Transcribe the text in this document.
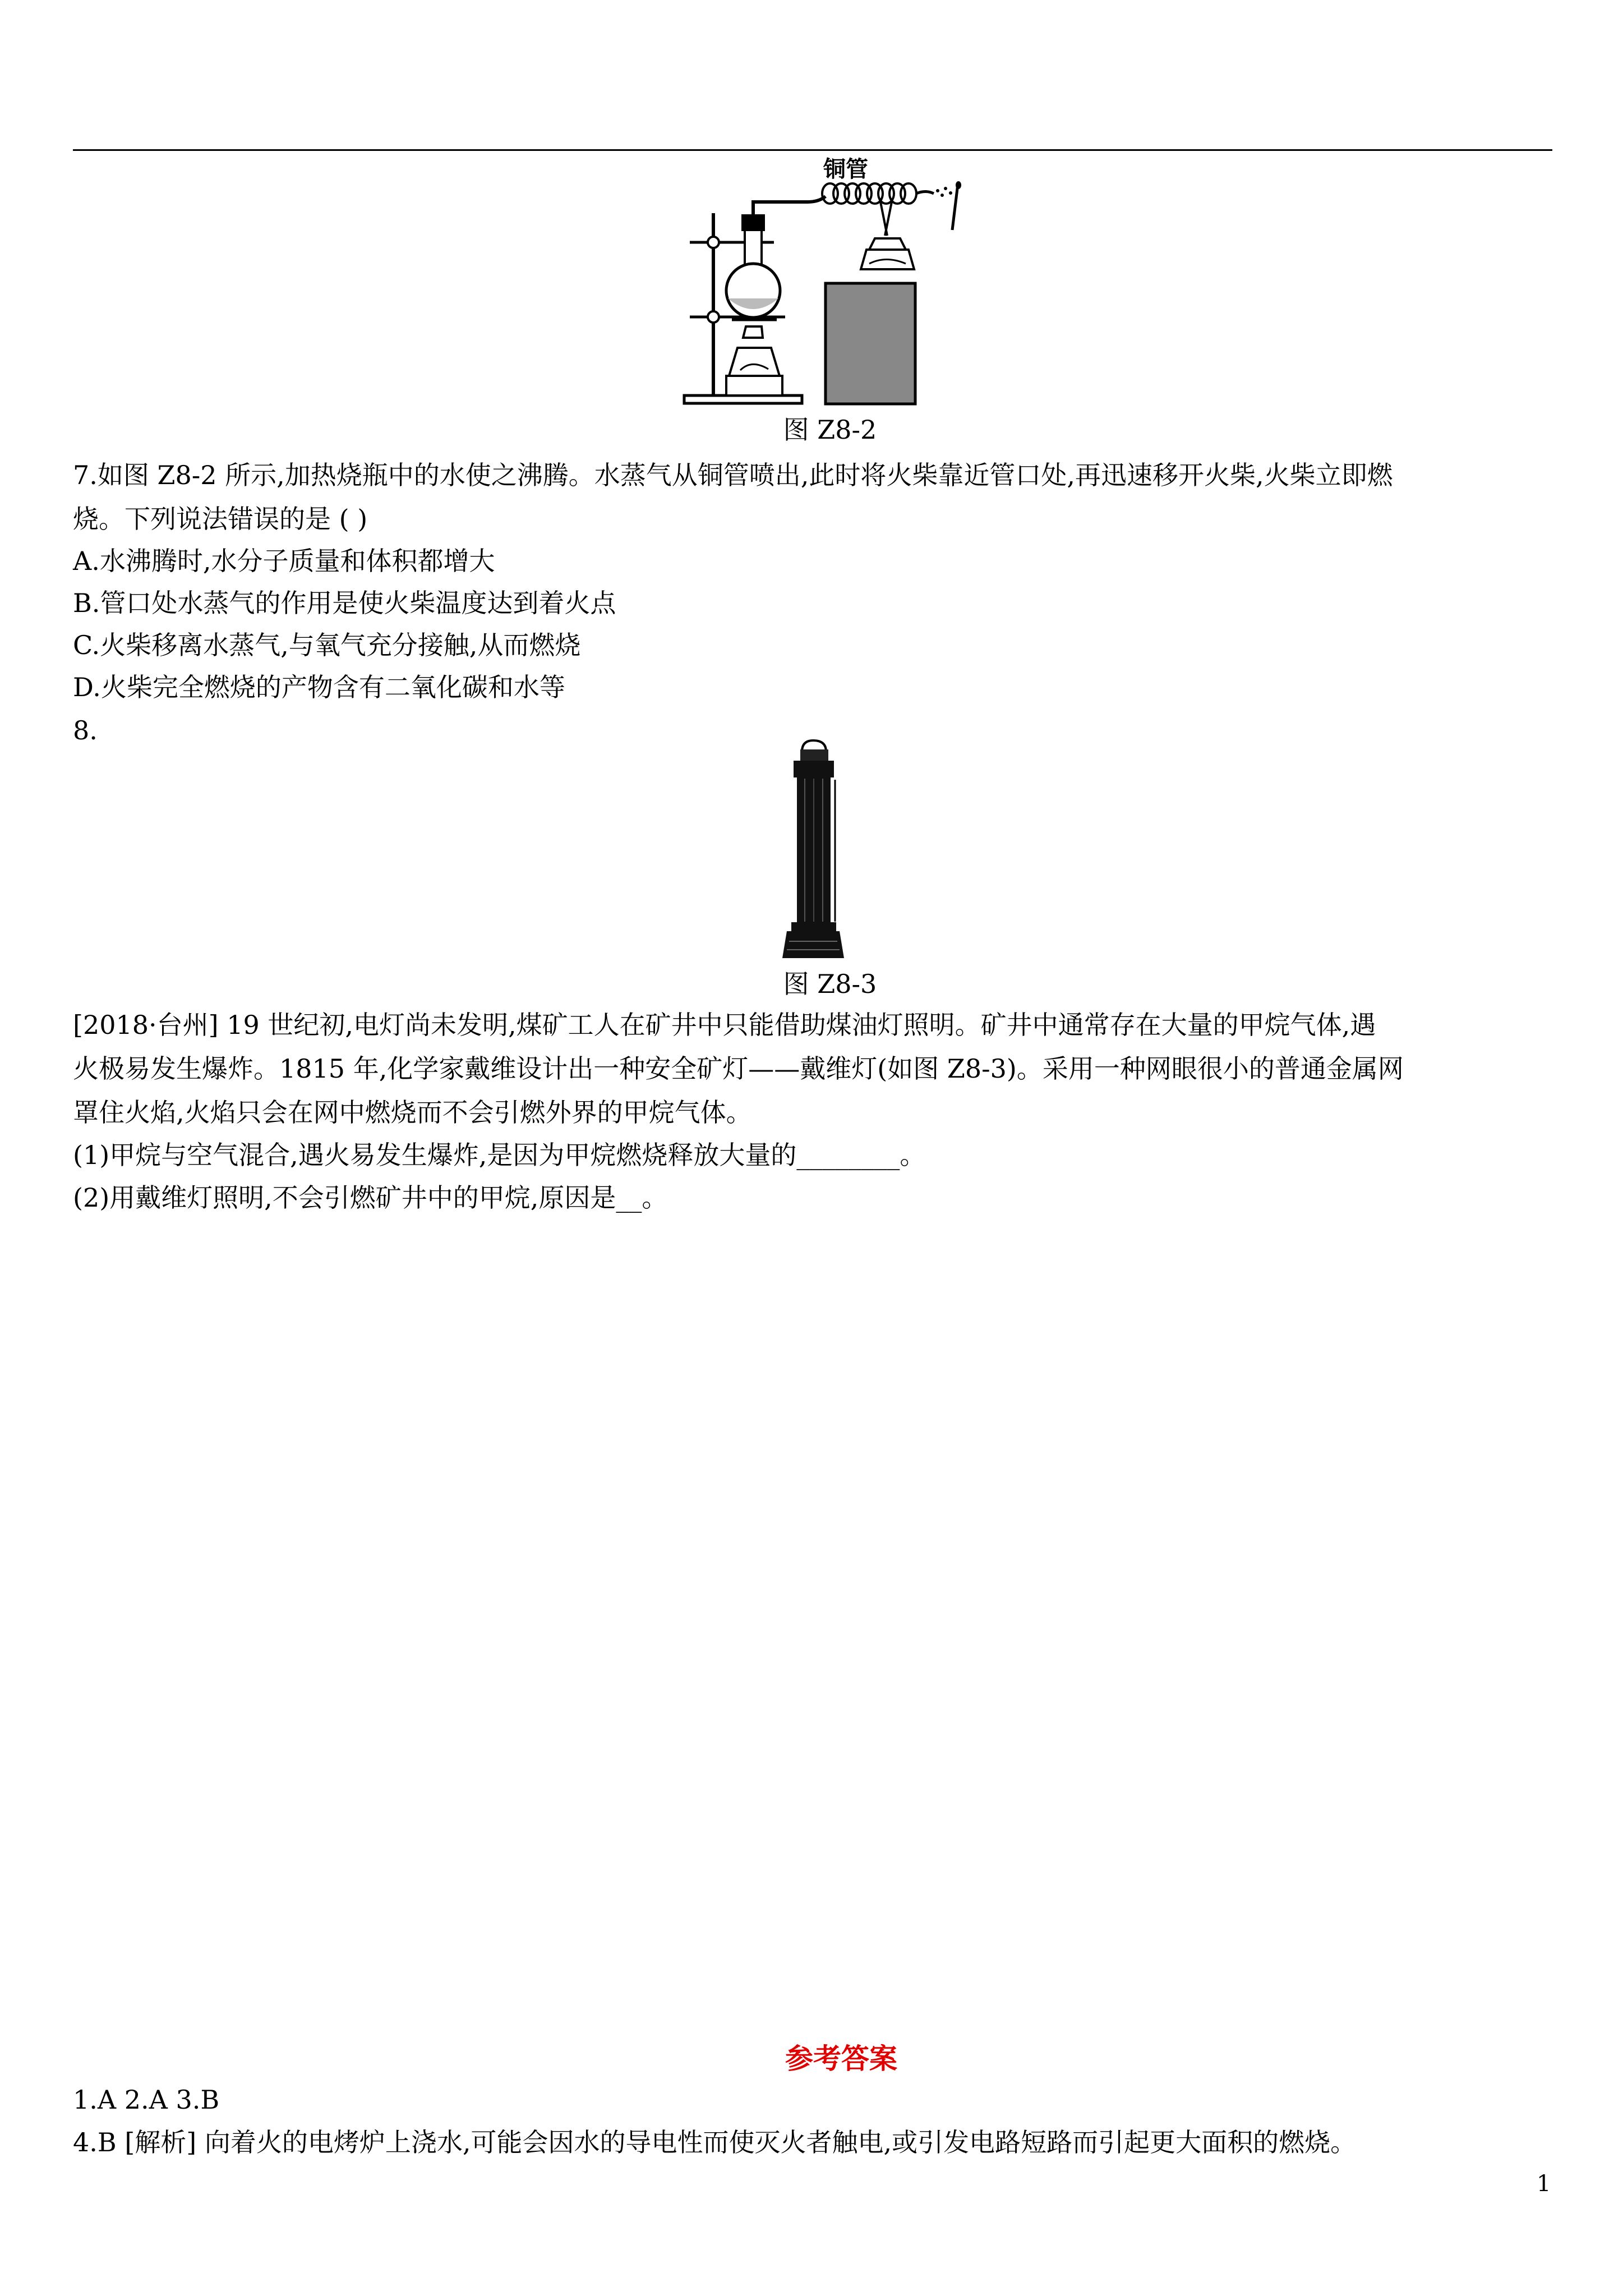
铜管
图 Z8-2
7.如图 Z8-2 所示,加热烧瓶中的水使之沸腾。水蒸气从铜管喷出,此时将火柴靠近管口处,再迅速移开火柴,火柴立即燃
烧。下列说法错误的是 ( )
A.水沸腾时,水分子质量和体积都增大
B.管口处水蒸气的作用是使火柴温度达到着火点
C.火柴移离水蒸气,与氧气充分接触,从而燃烧
D.火柴完全燃烧的产物含有二氧化碳和水等
8.
图 Z8-3
[2018·台州] 19 世纪初,电灯尚未发明,煤矿工人在矿井中只能借助煤油灯照明。矿井中通常存在大量的甲烷气体,遇
火极易发生爆炸。1815 年,化学家戴维设计出一种安全矿灯——戴维灯(如图 Z8-3)。采用一种网眼很小的普通金属网
罩住火焰,火焰只会在网中燃烧而不会引燃外界的甲烷气体。
(1)甲烷与空气混合,遇火易发生爆炸,是因为甲烷燃烧释放大量的________。
(2)用戴维灯照明,不会引燃矿井中的甲烷,原因是__。
参考答案
1.A 2.A 3.B
4.B [解析] 向着火的电烤炉上浇水,可能会因水的导电性而使灭火者触电,或引发电路短路而引起更大面积的燃烧。
1
